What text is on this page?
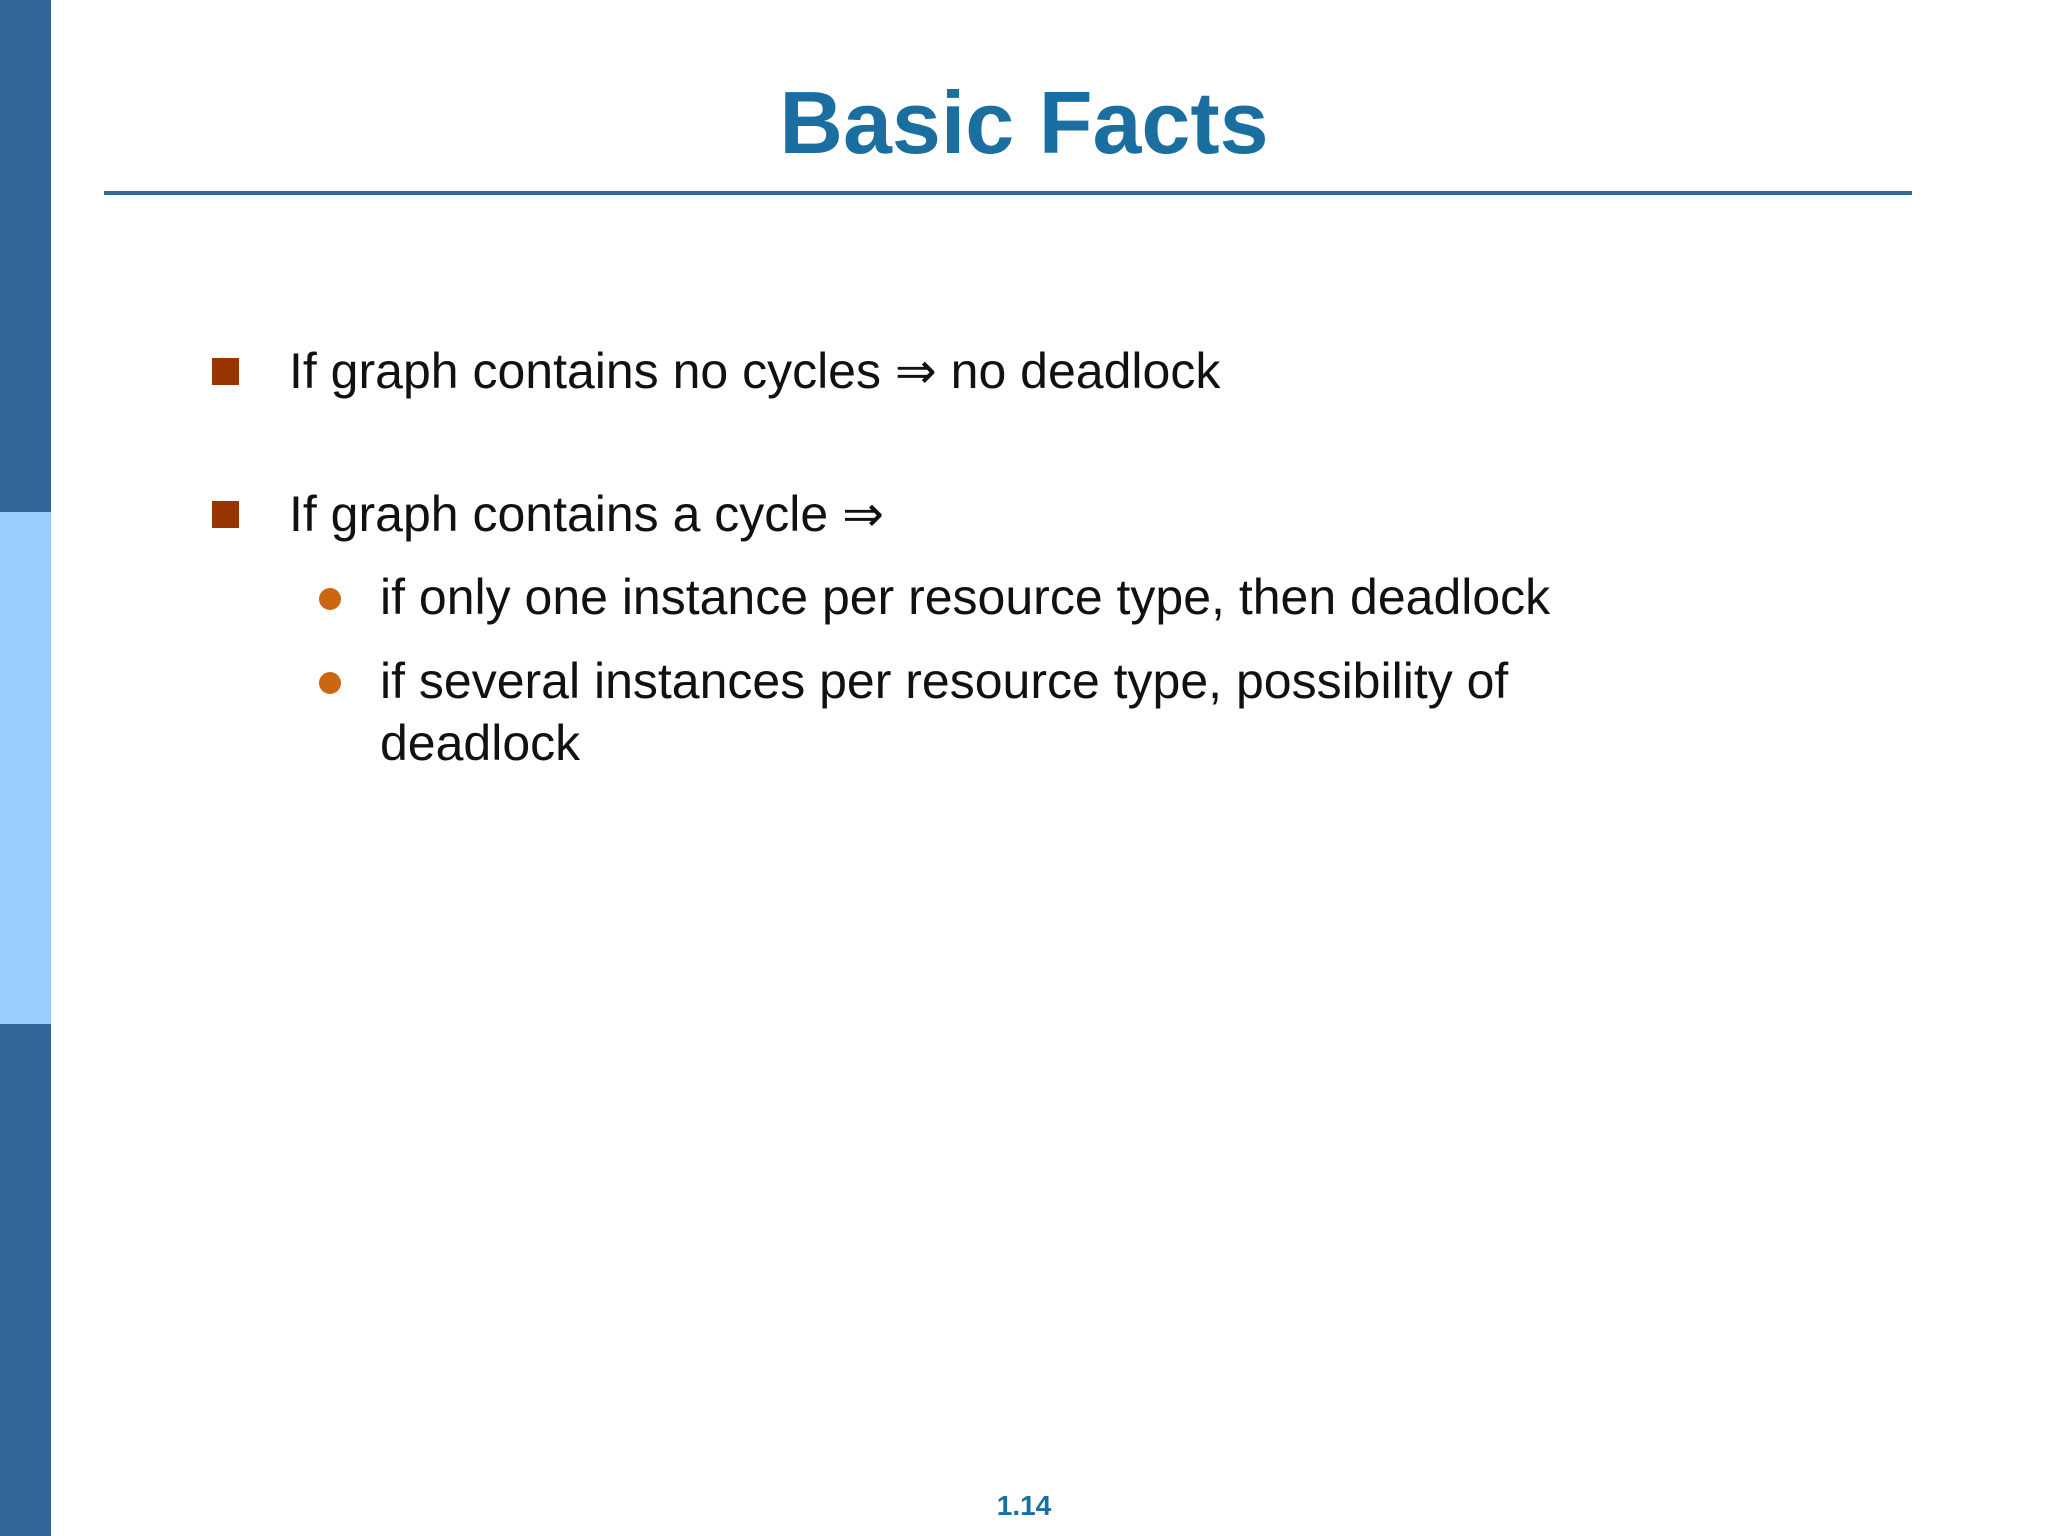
Basic Facts
If graph contains no cycles ⇒ no deadlock
If graph contains a cycle ⇒
if only one instance per resource type, then deadlock
if several instances per resource type, possibility of deadlock
1.14
